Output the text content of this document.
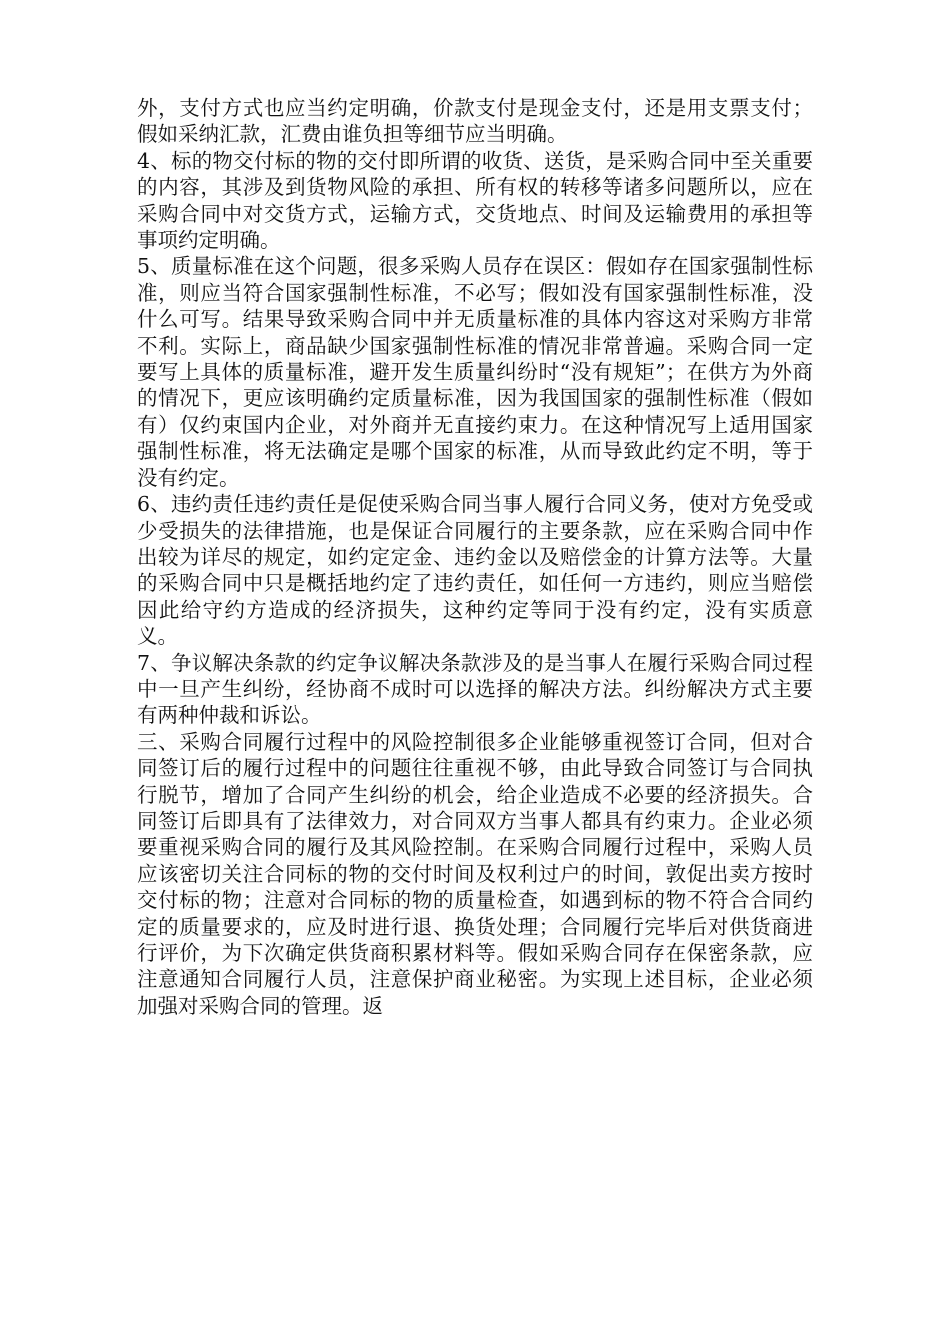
外，支付方式也应当约定明确，价款支付是现金支付，还是用支票支付；假如采纳汇款，汇费由谁负担等细节应当明确。

4、标的物交付标的物的交付即所谓的收货、送货，是采购合同中至关重要的内容，其涉及到货物风险的承担、所有权的转移等诸多问题所以，应在采购合同中对交货方式，运输方式，交货地点、时间及运输费用的承担等事项约定明确。

5、质量标准在这个问题，很多采购人员存在误区：假如存在国家强制性标准，则应当符合国家强制性标准，不必写；假如没有国家强制性标准，没什么可写。结果导致采购合同中并无质量标准的具体内容这对采购方非常不利。实际上，商品缺少国家强制性标准的情况非常普遍。采购合同一定要写上具体的质量标准，避开发生质量纠纷时“没有规矩”；在供方为外商的情况下，更应该明确约定质量标准，因为我国国家的强制性标准（假如有）仅约束国内企业，对外商并无直接约束力。在这种情况写上适用国家强制性标准，将无法确定是哪个国家的标准，从而导致此约定不明，等于没有约定。

6、违约责任违约责任是促使采购合同当事人履行合同义务，使对方免受或少受损失的法律措施，也是保证合同履行的主要条款，应在采购合同中作出较为详尽的规定，如约定定金、违约金以及赔偿金的计算方法等。大量的采购合同中只是概括地约定了违约责任，如任何一方违约，则应当赔偿因此给守约方造成的经济损失，这种约定等同于没有约定，没有实质意义。

7、争议解决条款的约定争议解决条款涉及的是当事人在履行采购合同过程中一旦产生纠纷，经协商不成时可以选择的解决方法。纠纷解决方式主要有两种仲裁和诉讼。

三、采购合同履行过程中的风险控制很多企业能够重视签订合同，但对合同签订后的履行过程中的问题往往重视不够，由此导致合同签订与合同执行脱节，增加了合同产生纠纷的机会，给企业造成不必要的经济损失。合同签订后即具有了法律效力，对合同双方当事人都具有约束力。企业必须要重视采购合同的履行及其风险控制。在采购合同履行过程中，采购人员应该密切关注合同标的物的交付时间及权利过户的时间，敦促出卖方按时交付标的物；注意对合同标的物的质量检查，如遇到标的物不符合合同约定的质量要求的，应及时进行退、换货处理；合同履行完毕后对供货商进行评价，为下次确定供货商积累材料等。假如采购合同存在保密条款，应注意通知合同履行人员，注意保护商业秘密。为实现上述目标，企业必须加强对采购合同的管理。返
